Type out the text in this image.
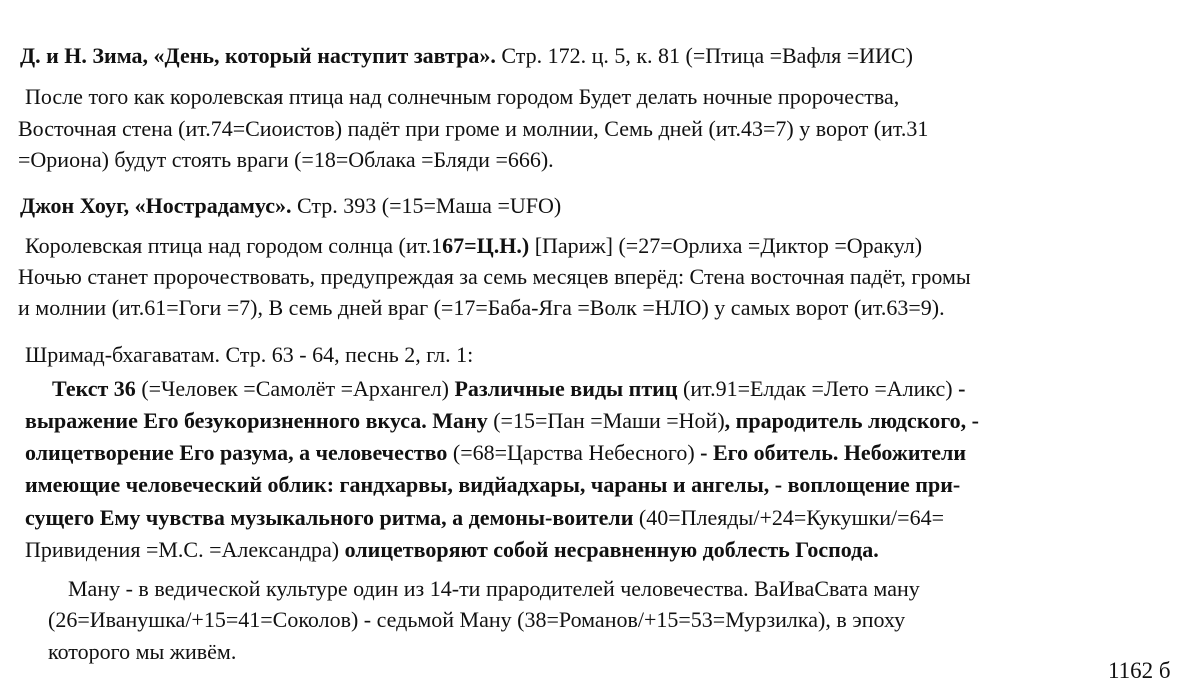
Д. и Н. Зима, «День, который наступит завтра». Стр. 172. ц. 5, к. 81 (=Птица =Вафля =ИИС)
После того как королевская птица над солнечным городом Будет делать ночные пророчества,
Восточная стена (ит.74=Сиоистов) падёт при громе и молнии, Семь дней (ит.43=7) у ворот (ит.31
=Ориона) будут стоять враги (=18=Облака =Бляди =666).
Джон Хоуг, «Нострадамус». Стр. 393 (=15=Маша =UFO)
Королевская птица над городом солнца (ит.167=Ц.Н.) [Париж] (=27=Орлиха =Диктор =Оракул)
Ночью станет пророчествовать, предупреждая за семь месяцев вперёд: Стена восточная падёт, громы
и молнии (ит.61=Гоги =7), В семь дней враг (=17=Баба-Яга =Волк =НЛО) у самых ворот (ит.63=9).
Шримад-бхагаватам. Стр. 63 - 64, песнь 2, гл. 1:
Текст 36 (=Человек =Самолёт =Архангел) Различные виды птиц (ит.91=Елдак =Лето =Аликс) -
выражение Его безукоризненного вкуса. Ману (=15=Пан =Маши =Ной), прародитель людского, -
олицетворение Его разума, а человечество (=68=Царства Небесного) - Его обитель. Небожители
имеющие человеческий облик: гандхарвы, видйадхары, чараны и ангелы, - воплощение при-
сущего Ему чувства музыкального ритма, а демоны-воители (40=Плеяды/+24=Кукушки/=64=
Привидения =М.С. =Александра) олицетворяют собой несравненную доблесть Господа.
Ману - в ведической культуре один из 14-ти прародителей человечества. ВаИваСвата ману
(26=Иванушка/+15=41=Соколов) - седьмой Ману (38=Романов/+15=53=Мурзилка), в эпоху
которого мы живём.
1162 б
